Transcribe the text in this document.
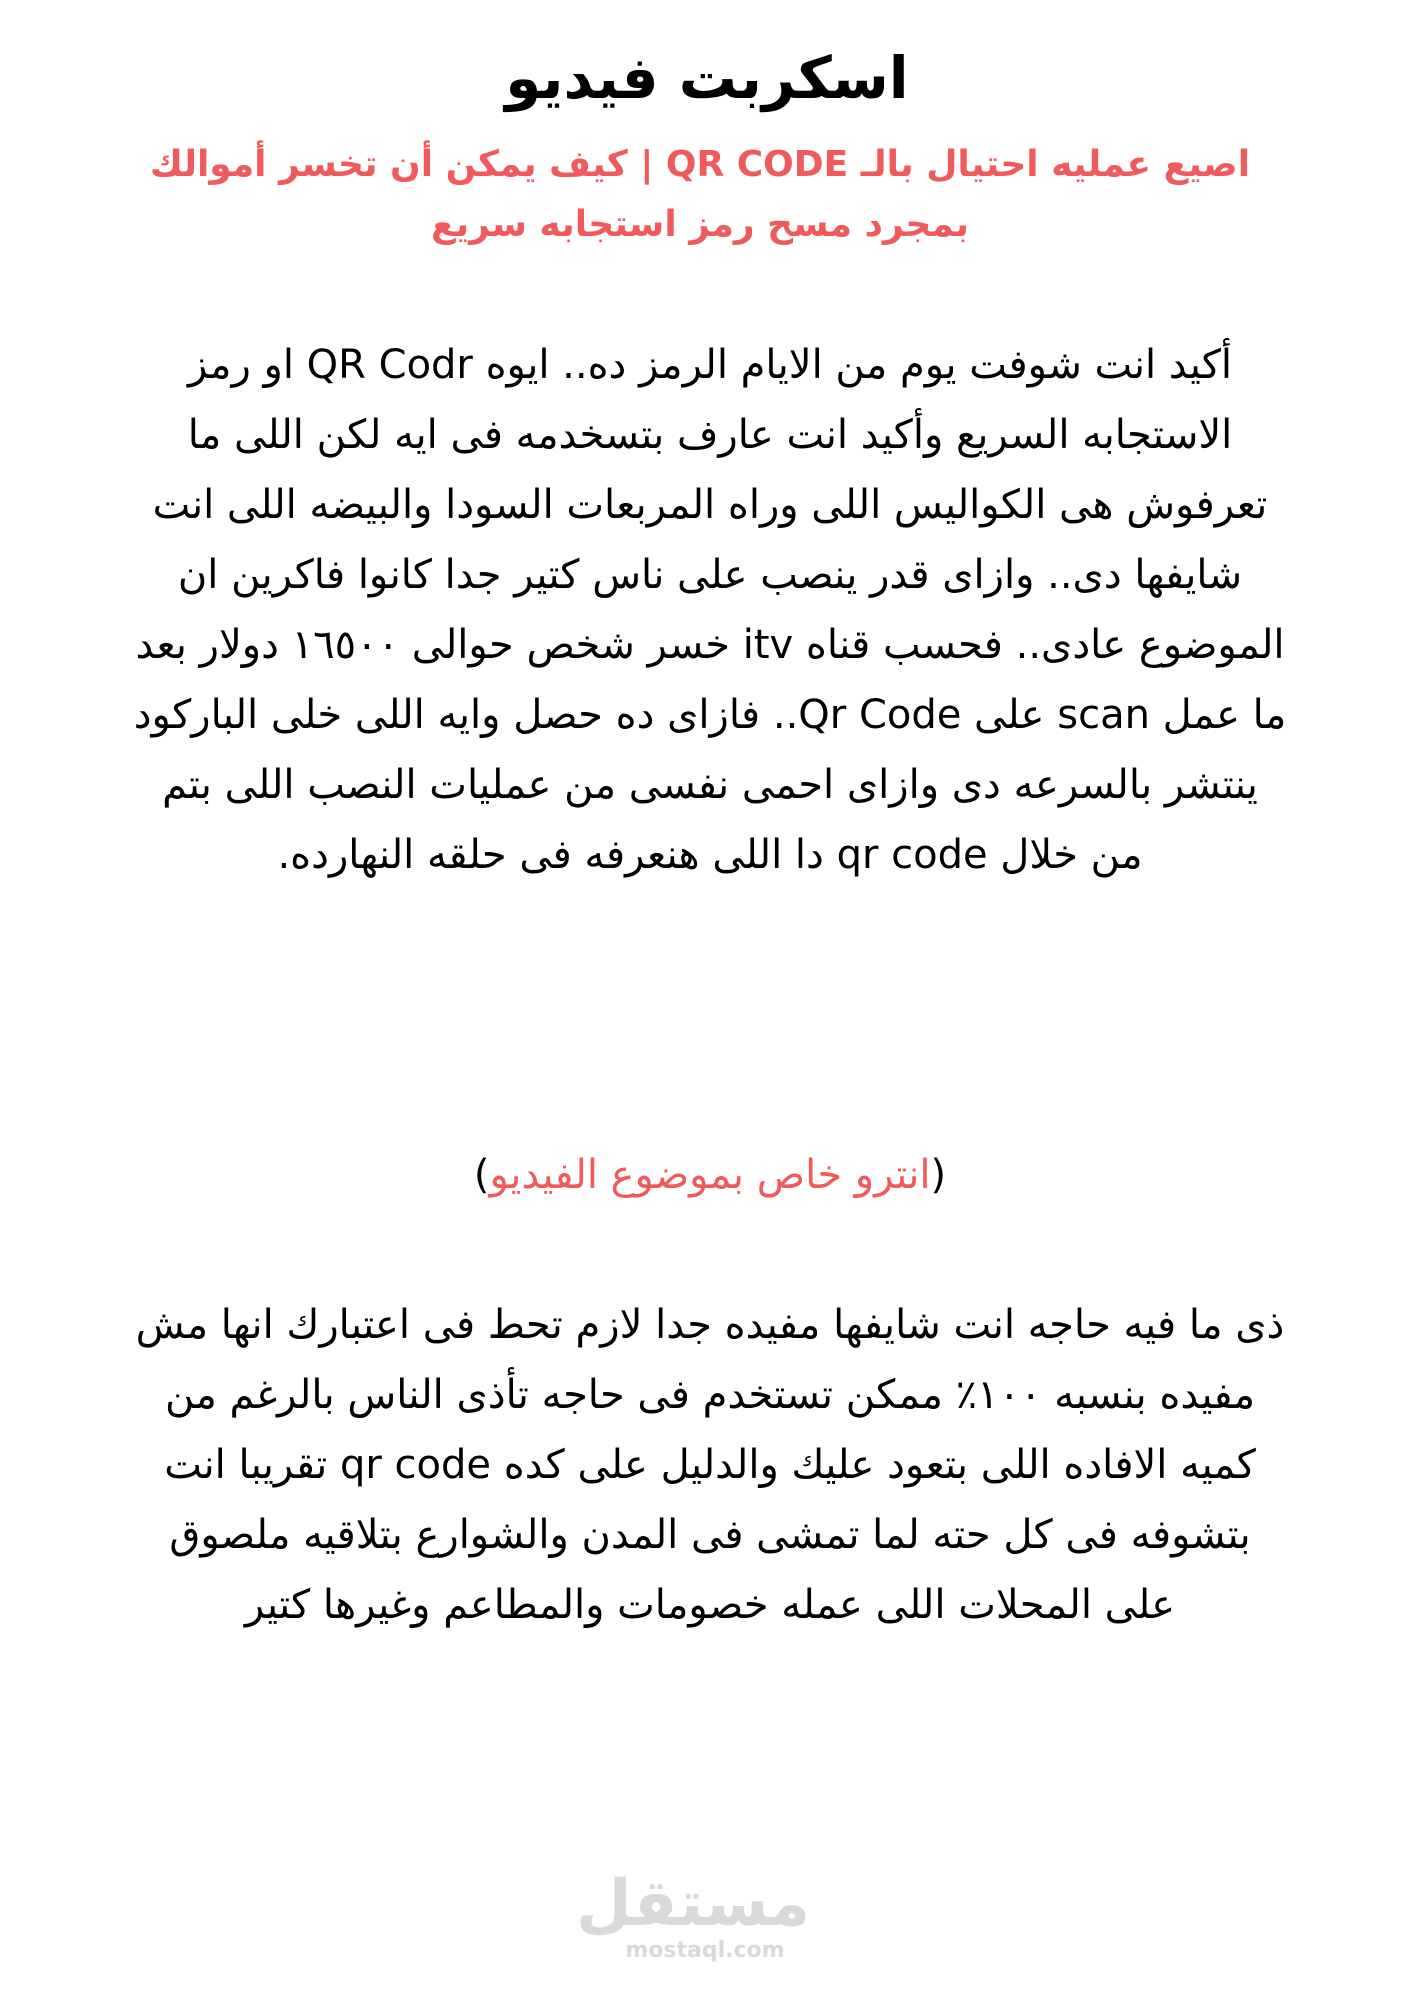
اسكربت فيديو

اصيع عمليه احتيال بالـ QR CODE | كيف يمكن أن تخسر أموالك بمجرد مسح رمز استجابه سريع

أكيد انت شوفت يوم من الايام الرمز ده.. ايوه QR Codr او رمز الاستجابه السريع وأكيد انت عارف بتسخدمه فى ايه لكن اللى ما تعرفوش هى الكواليس اللى وراه المربعات السودا والبيضه اللى انت شايفها دى.. وازاى قدر ينصب على ناس كتير جدا كانوا فاكرين ان الموضوع عادى.. فحسب قناه itv خسر شخص حوالى ١٦٥٠٠ دولار بعد ما عمل scan على Qr Code.. فازاى ده حصل وايه اللى خلى الباركود ينتشر بالسرعه دى وازاى احمى نفسى من عمليات النصب اللى بتم من خلال qr code دا اللى هنعرفه فى حلقه النهارده.

(انترو خاص بموضوع الفيديو)

ذى ما فيه حاجه انت شايفها مفيده جدا لازم تحط فى اعتبارك انها مش مفيده بنسبه ١٠٠٪ ممكن تستخدم فى حاجه تأذى الناس بالرغم من كميه الافاده اللى بتعود عليك والدليل على كده qr code تقريبا انت بتشوفه فى كل حته لما تمشى فى المدن والشوارع بتلاقيه ملصوق على المحلات اللى عمله خصومات والمطاعم وغيرها كتير

مستقل
mostaql.com
